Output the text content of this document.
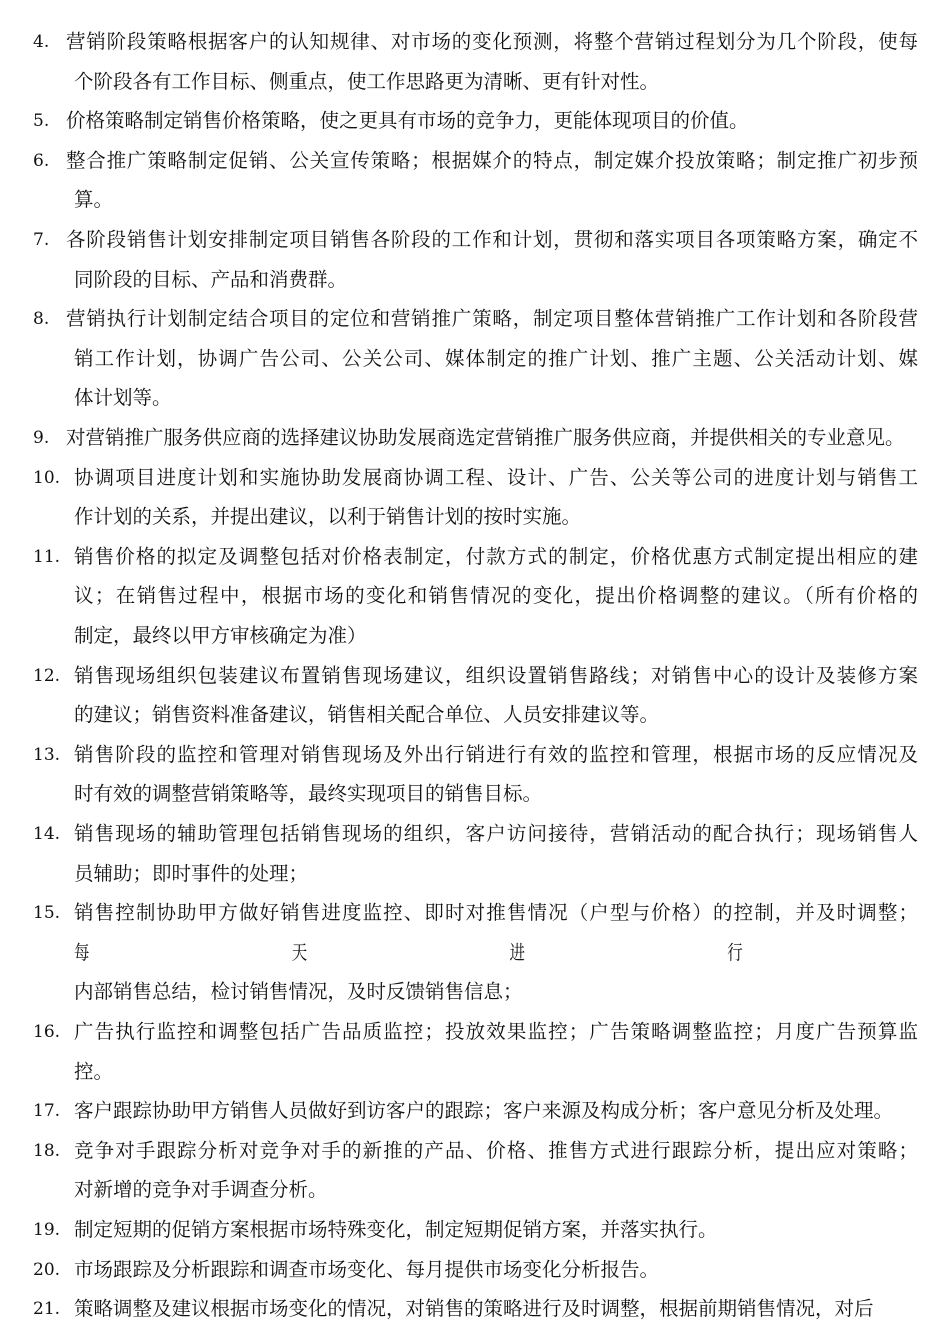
4. 营销阶段策略根据客户的认知规律、对市场的变化预测，将整个营销过程划分为几个阶段，使每
个阶段各有工作目标、侧重点，使工作思路更为清晰、更有针对性。
5. 价格策略制定销售价格策略，使之更具有市场的竞争力，更能体现项目的价值。
6. 整合推广策略制定促销、公关宣传策略；根据媒介的特点，制定媒介投放策略；制定推广初步预
算。
7. 各阶段销售计划安排制定项目销售各阶段的工作和计划，贯彻和落实项目各项策略方案，确定不
同阶段的目标、产品和消费群。
8. 营销执行计划制定结合项目的定位和营销推广策略，制定项目整体营销推广工作计划和各阶段营
销工作计划，协调广告公司、公关公司、媒体制定的推广计划、推广主题、公关活动计划、媒
体计划等。
9. 对营销推广服务供应商的选择建议协助发展商选定营销推广服务供应商，并提供相关的专业意见。
10. 协调项目进度计划和实施协助发展商协调工程、设计、广告、公关等公司的进度计划与销售工
作计划的关系，并提出建议，以利于销售计划的按时实施。
11. 销售价格的拟定及调整包括对价格表制定，付款方式的制定，价格优惠方式制定提出相应的建
议；在销售过程中，根据市场的变化和销售情况的变化，提出价格调整的建议。（所有价格的
制定，最终以甲方审核确定为准）
12. 销售现场组织包装建议布置销售现场建议，组织设置销售路线；对销售中心的设计及装修方案
的建议；销售资料准备建议，销售相关配合单位、人员安排建议等。
13. 销售阶段的监控和管理对销售现场及外出行销进行有效的监控和管理，根据市场的反应情况及
时有效的调整营销策略等，最终实现项目的销售目标。
14. 销售现场的辅助管理包括销售现场的组织，客户访问接待，营销活动的配合执行；现场销售人
员辅助；即时事件的处理；
15. 销售控制协助甲方做好销售进度监控、即时对推售情况（户型与价格）的控制，并及时调整；
每天进行
内部销售总结，检讨销售情况，及时反馈销售信息；
16. 广告执行监控和调整包括广告品质监控；投放效果监控；广告策略调整监控；月度广告预算监
控。
17. 客户跟踪协助甲方销售人员做好到访客户的跟踪；客户来源及构成分析；客户意见分析及处理。
18. 竞争对手跟踪分析对竞争对手的新推的产品、价格、推售方式进行跟踪分析，提出应对策略；
对新增的竞争对手调查分析。
19. 制定短期的促销方案根据市场特殊变化，制定短期促销方案，并落实执行。
20. 市场跟踪及分析跟踪和调查市场变化、每月提供市场变化分析报告。
21. 策略调整及建议根据市场变化的情况，对销售的策略进行及时调整，根据前期销售情况，对后
